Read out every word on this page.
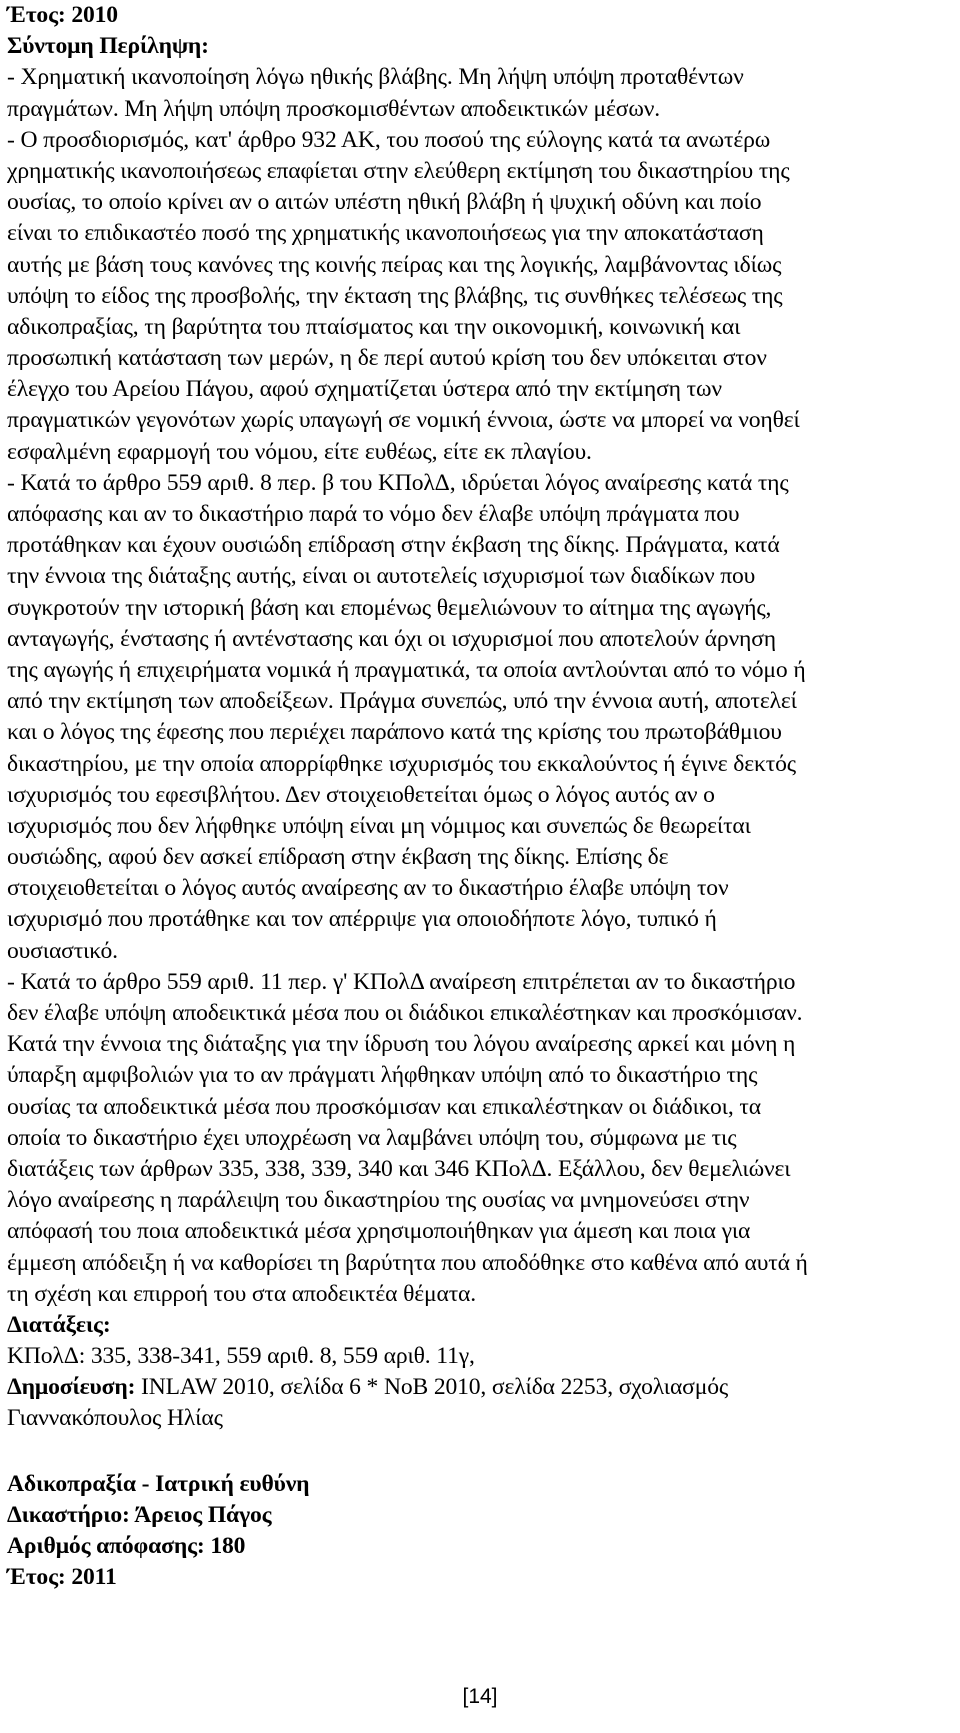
Έτος: 2010
Σύντομη Περίληψη:
- Χρηματική ικανοποίηση λόγω ηθικής βλάβης. Μη λήψη υπόψη προταθέντων
πραγμάτων. Μη λήψη υπόψη προσκομισθέντων αποδεικτικών μέσων.
- Ο προσδιορισμός, κατ' άρθρο 932 ΑΚ, του ποσού της εύλογης κατά τα ανωτέρω
χρηματικής ικανοποιήσεως επαφίεται στην ελεύθερη εκτίμηση του δικαστηρίου της
ουσίας, το οποίο κρίνει αν ο αιτών υπέστη ηθική βλάβη ή ψυχική οδύνη και ποίο
είναι το επιδικαστέο ποσό της χρηματικής ικανοποιήσεως για την αποκατάσταση
αυτής με βάση τους κανόνες της κοινής πείρας και της λογικής, λαμβάνοντας ιδίως
υπόψη το είδος της προσβολής, την έκταση της βλάβης, τις συνθήκες τελέσεως της
αδικοπραξίας, τη βαρύτητα του πταίσματος και την οικονομική, κοινωνική και
προσωπική κατάσταση των μερών, η δε περί αυτού κρίση του δεν υπόκειται στον
έλεγχο του Αρείου Πάγου, αφού σχηματίζεται ύστερα από την εκτίμηση των
πραγματικών γεγονότων χωρίς υπαγωγή σε νομική έννοια, ώστε να μπορεί να νοηθεί
εσφαλμένη εφαρμογή του νόμου, είτε ευθέως, είτε εκ πλαγίου.
- Κατά το άρθρο 559 αριθ. 8 περ. β του ΚΠολΔ, ιδρύεται λόγος αναίρεσης κατά της
απόφασης και αν το δικαστήριο παρά το νόμο δεν έλαβε υπόψη πράγματα που
προτάθηκαν και έχουν ουσιώδη επίδραση στην έκβαση της δίκης. Πράγματα, κατά
την έννοια της διάταξης αυτής, είναι οι αυτοτελείς ισχυρισμοί των διαδίκων που
συγκροτούν την ιστορική βάση και επομένως θεμελιώνουν το αίτημα της αγωγής,
ανταγωγής, ένστασης ή αντένστασης και όχι οι ισχυρισμοί που αποτελούν άρνηση
της αγωγής ή επιχειρήματα νομικά ή πραγματικά, τα οποία αντλούνται από το νόμο ή
από την εκτίμηση των αποδείξεων. Πράγμα συνεπώς, υπό την έννοια αυτή, αποτελεί
και ο λόγος της έφεσης που περιέχει παράπονο κατά της κρίσης του πρωτοβάθμιου
δικαστηρίου, με την οποία απορρίφθηκε ισχυρισμός του εκκαλούντος ή έγινε δεκτός
ισχυρισμός του εφεσιβλήτου. Δεν στοιχειοθετείται όμως ο λόγος αυτός αν ο
ισχυρισμός που δεν λήφθηκε υπόψη είναι μη νόμιμος και συνεπώς δε θεωρείται
ουσιώδης, αφού δεν ασκεί επίδραση στην έκβαση της δίκης. Επίσης δε
στοιχειοθετείται ο λόγος αυτός αναίρεσης αν το δικαστήριο έλαβε υπόψη τον
ισχυρισμό που προτάθηκε και τον απέρριψε για οποιοδήποτε λόγο, τυπικό ή
ουσιαστικό.
- Κατά το άρθρο 559 αριθ. 11 περ. γ' ΚΠολΔ αναίρεση επιτρέπεται αν το δικαστήριο
δεν έλαβε υπόψη αποδεικτικά μέσα που οι διάδικοι επικαλέστηκαν και προσκόμισαν.
Κατά την έννοια της διάταξης για την ίδρυση του λόγου αναίρεσης αρκεί και μόνη η
ύπαρξη αμφιβολιών για το αν πράγματι λήφθηκαν υπόψη από το δικαστήριο της
ουσίας τα αποδεικτικά μέσα που προσκόμισαν και επικαλέστηκαν οι διάδικοι, τα
οποία το δικαστήριο έχει υποχρέωση να λαμβάνει υπόψη του, σύμφωνα με τις
διατάξεις των άρθρων 335, 338, 339, 340 και 346 ΚΠολΔ. Εξάλλου, δεν θεμελιώνει
λόγο αναίρεσης η παράλειψη του δικαστηρίου της ουσίας να μνημονεύσει στην
απόφασή του ποια αποδεικτικά μέσα χρησιμοποιήθηκαν για άμεση και ποια για
έμμεση απόδειξη ή να καθορίσει τη βαρύτητα που αποδόθηκε στο καθένα από αυτά ή
τη σχέση και επιρροή του στα αποδεικτέα θέματα.
Διατάξεις:
ΚΠολΔ: 335, 338-341, 559 αριθ. 8, 559 αριθ. 11γ,
Δημοσίευση: INLAW 2010, σελίδα 6 * ΝοΒ 2010, σελίδα 2253, σχολιασμός
Γιαννακόπουλος Ηλίας
Αδικοπραξία - Ιατρική ευθύνη
Δικαστήριο: Άρειος Πάγος
Αριθμός απόφασης: 180
Έτος: 2011
[14]
